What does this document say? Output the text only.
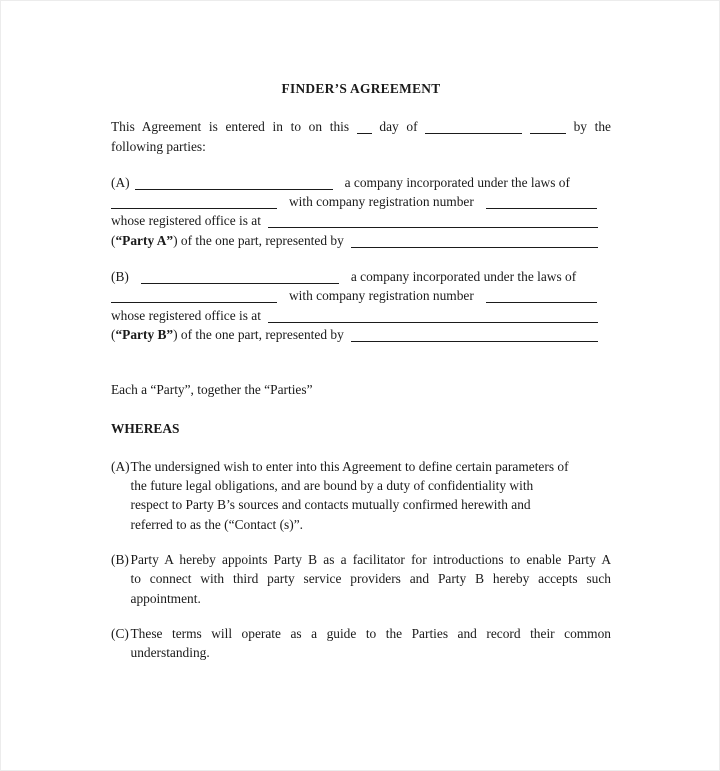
FINDER’S AGREEMENT
This Agreement is entered in to on this day of	by the
following parties:
(A)	a company incorporated under the laws of
with company registration number
whose registered office is at
(“Party A”) of the one part, represented by
(B)	a company incorporated under the laws of
with company registration number
whose registered office is at
(“Party B”) of the one part, represented by
Each a “Party”, together the “Parties”
WHEREAS
(A) The undersigned wish to enter into this Agreement to define certain parameters of
the future legal obligations, and are bound by a duty of confidentiality with
respect to Party B’s sources and contacts mutually confirmed herewith and
referred to as the (“Contact (s)”.
(B) Party A hereby appoints Party B as a facilitator for introductions to enable Party A
to connect with third party service providers and Party B hereby accepts such
appointment.
(C) These terms will operate as a guide to the Parties and record their common
understanding.
